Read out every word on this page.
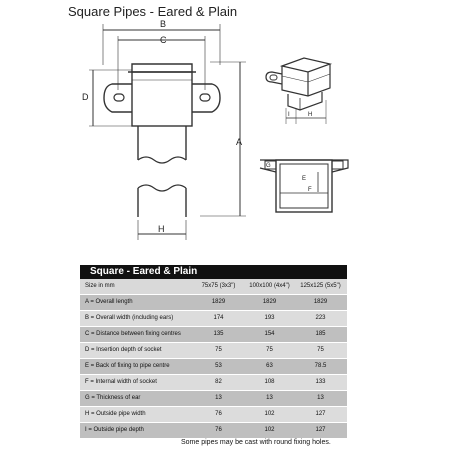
Square Pipes - Eared & Plain
B
C
D
A
H
I	H
G
E
F
Square - Eared & Plain
Size in mm	75x75 (3x3")	100x100 (4x4")	125x125 (5x5")
A = Overall length	1829	1829	1829
B = Overall width (including ears)	174	193	223
C = Distance between fixing centres	135	154	185
D = Insertion depth of socket	75	75	75
E = Back of fixing to pipe centre	53	63	78.5
F = Internal width of socket	82	108	133
G = Thickness of ear	13	13	13
H = Outside pipe width	76	102	127
I = Outside pipe depth	76	102	127
Some pipes may be cast with round fixing holes.
